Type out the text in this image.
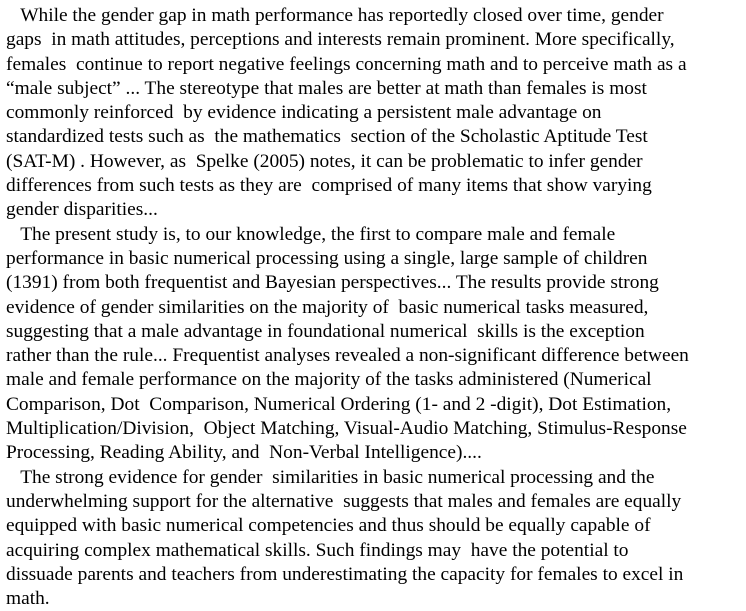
While the gender gap in math performance has reportedly closed over time, gender
gaps  in math attitudes, perceptions and interests remain prominent. More specifically,
females  continue to report negative feelings concerning math and to perceive math as a
“male subject” ... The stereotype that males are better at math than females is most
commonly reinforced  by evidence indicating a persistent male advantage on
standardized tests such as  the mathematics  section of the Scholastic Aptitude Test
(SAT-M) . However, as  Spelke (2005) notes, it can be problematic to infer gender
differences from such tests as they are  comprised of many items that show varying
gender disparities...
The present study is, to our knowledge, the first to compare male and female
performance in basic numerical processing using a single, large sample of children
(1391) from both frequentist and Bayesian perspectives... The results provide strong
evidence of gender similarities on the majority of  basic numerical tasks measured,
suggesting that a male advantage in foundational numerical  skills is the exception
rather than the rule... Frequentist analyses revealed a non-significant difference between
male and female performance on the majority of the tasks administered (Numerical
Comparison, Dot  Comparison, Numerical Ordering (1- and 2 -digit), Dot Estimation,
Multiplication/Division,  Object Matching, Visual-Audio Matching, Stimulus-Response
Processing, Reading Ability, and  Non-Verbal Intelligence)....
The strong evidence for gender  similarities in basic numerical processing and the
underwhelming support for the alternative  suggests that males and females are equally
equipped with basic numerical competencies and thus should be equally capable of
acquiring complex mathematical skills. Such findings may  have the potential to
dissuade parents and teachers from underestimating the capacity for females to excel in
math.
